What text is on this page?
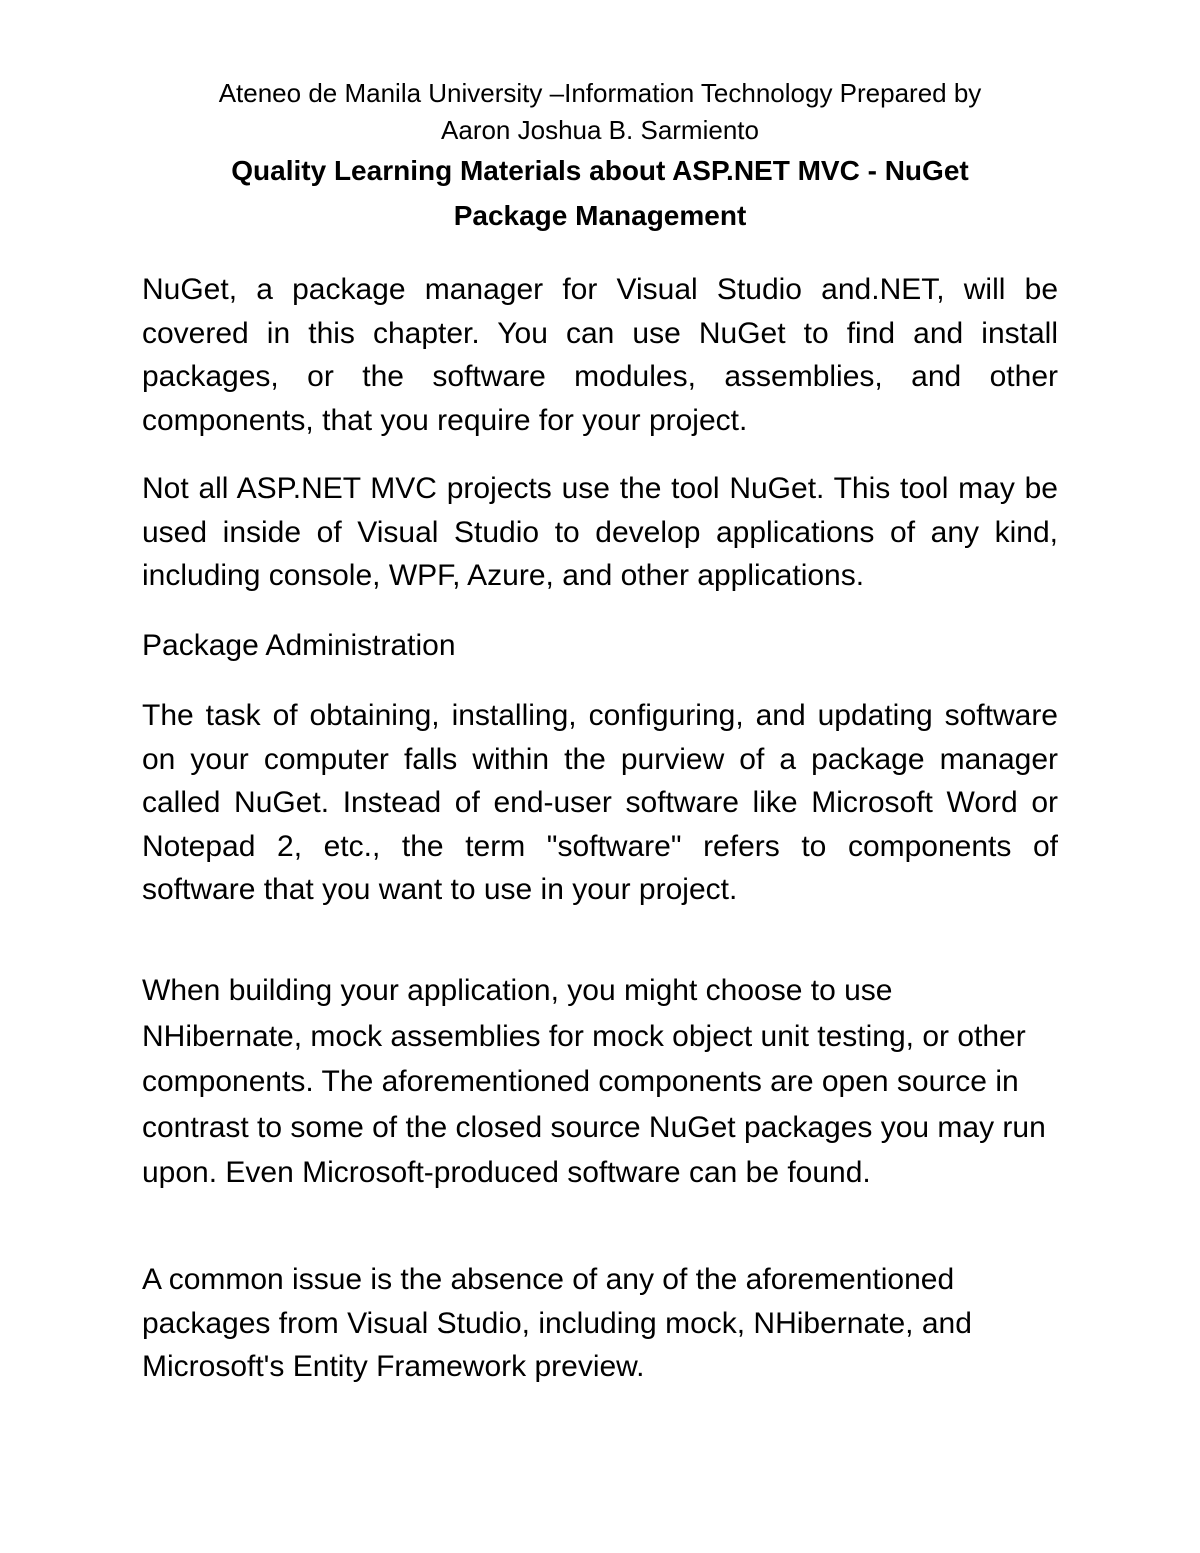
Ateneo de Manila University –Information Technology Prepared by
Aaron Joshua B. Sarmiento
Quality Learning Materials about ASP.NET MVC - NuGet
Package Management

NuGet, a package manager for Visual Studio and.NET, will be covered in this chapter. You can use NuGet to find and install packages, or the software modules, assemblies, and other components, that you require for your project.

Not all ASP.NET MVC projects use the tool NuGet. This tool may be used inside of Visual Studio to develop applications of any kind, including console, WPF, Azure, and other applications.

Package Administration

The task of obtaining, installing, configuring, and updating software on your computer falls within the purview of a package manager called NuGet. Instead of end-user software like Microsoft Word or Notepad 2, etc., the term "software" refers to components of software that you want to use in your project.

When building your application, you might choose to use NHibernate, mock assemblies for mock object unit testing, or other components. The aforementioned components are open source in contrast to some of the closed source NuGet packages you may run upon. Even Microsoft-produced software can be found.

A common issue is the absence of any of the aforementioned packages from Visual Studio, including mock, NHibernate, and Microsoft's Entity Framework preview.
